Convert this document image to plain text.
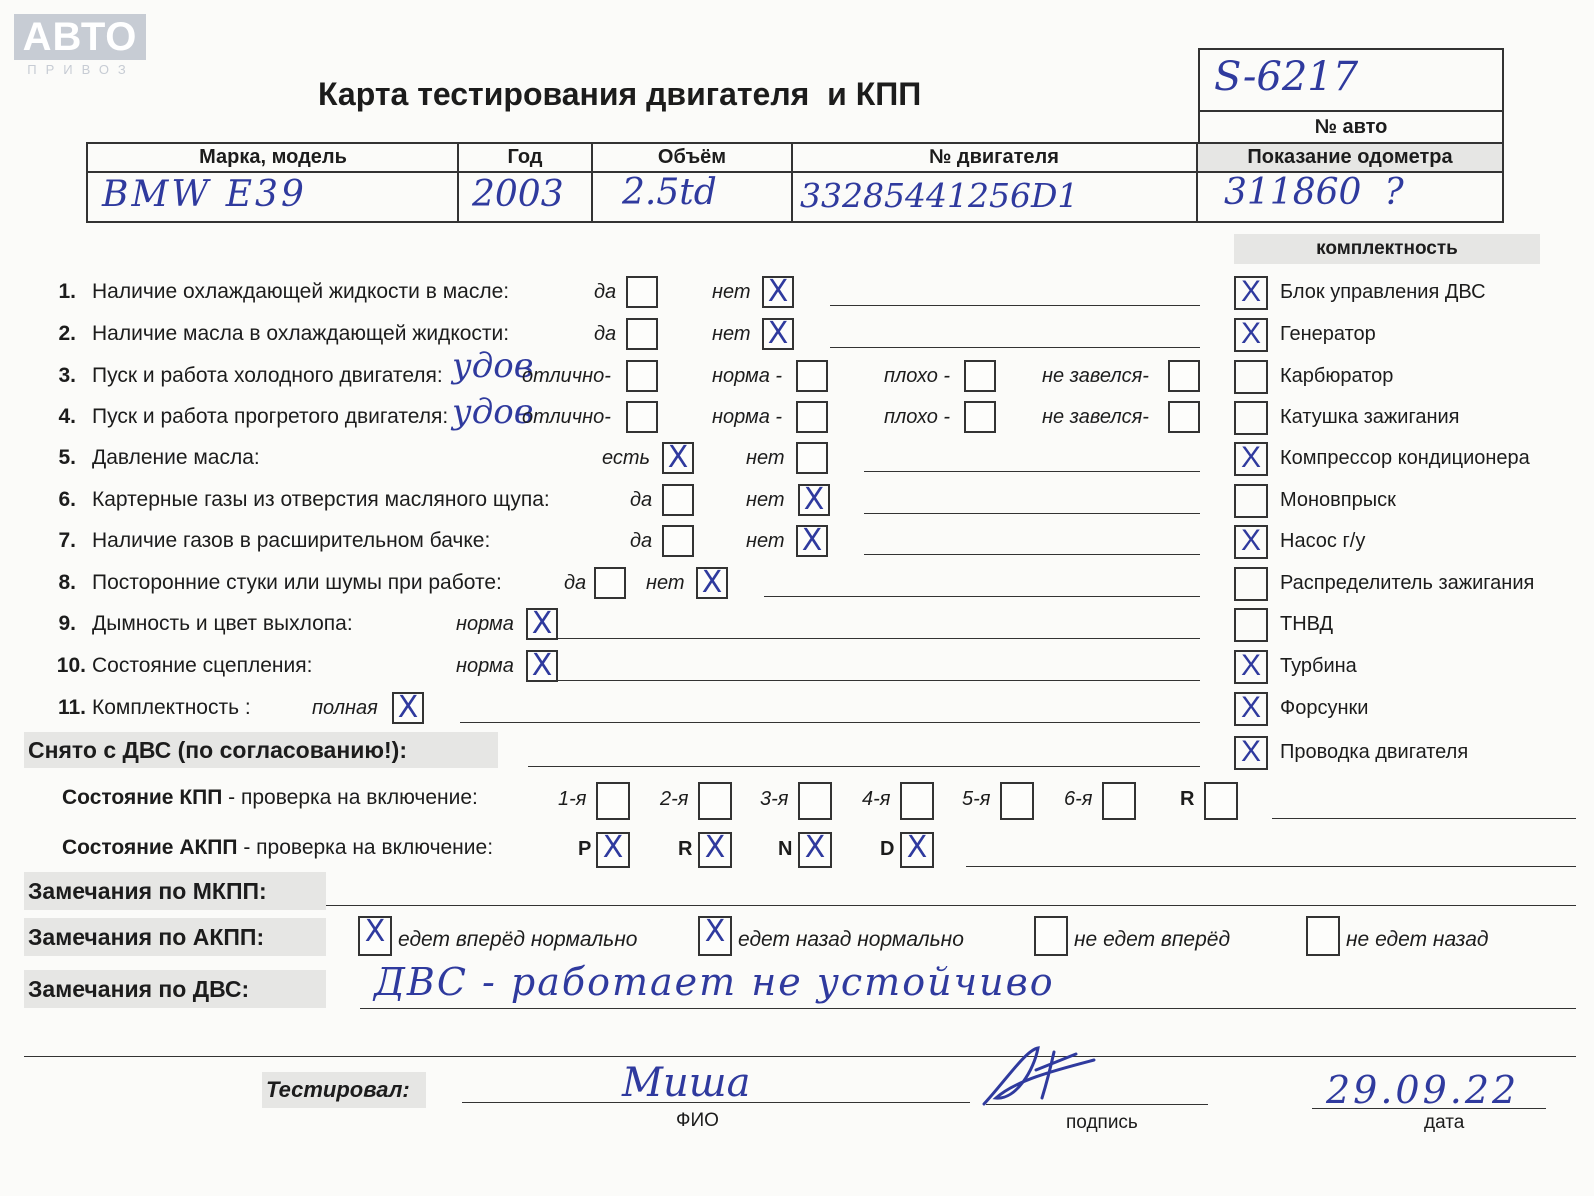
АВТО
ПРИВОЗ
Карта тестирования двигателя  и КПП	S-6217
№ авто
Марка, модель	Год	Объём	№ двигателя	Показание одометра
BMW E39	2003 2.5td	33285441256D1	311860  ?
комплектность
1. Наличие охлаждающей жидкости в масле:	да	нет X
2. Наличие масла в охлаждающей жидкости:	да	нет X
3. Пуск и работа холодного двигателя: удов
отлично-	норма -	плохо -	не завелся-
4. Пуск и работа прогретого двигателя: удов
отлично-	норма -	плохо -	не завелся-
5. Давление масла:	есть X	нет
6. Картерные газы из отверстия масляного щупа:	да	нет X
7. Наличие газов в расширительном бачке:	да	нет X
8. Посторонние стуки или шумы при работе:	да	нет X
9. Дымность и цвет выхлопа:	норма X
10. Состояние сцепления:	норма X
11. Комплектность :	полная X
X Блок управления ДВС
X Генератор
Карбюратор
Катушка зажигания
X Компрессор кондиционера
Моновпрыск
X Насос г/у
Распределитель зажигания
ТНВД
X Турбина
X Форсунки
X Проводка двигателя
Снято с ДВС (по согласованию!):
Состояние КПП - проверка на включение:	1-я	2-я	3-я	4-я	5-я	6-я	R
Состояние АКПП - проверка на включение:	P X	R X	N X	D X
Замечания по МКПП:
Замечания по АКПП:	X едет вперёд нормально X едет назад нормально	не едет вперёд	не едет назад
Замечания по ДВС:	ДВС - работает не устойчиво
Тестировал:	Миша
ФИО	подпись
29.09.22
дата
